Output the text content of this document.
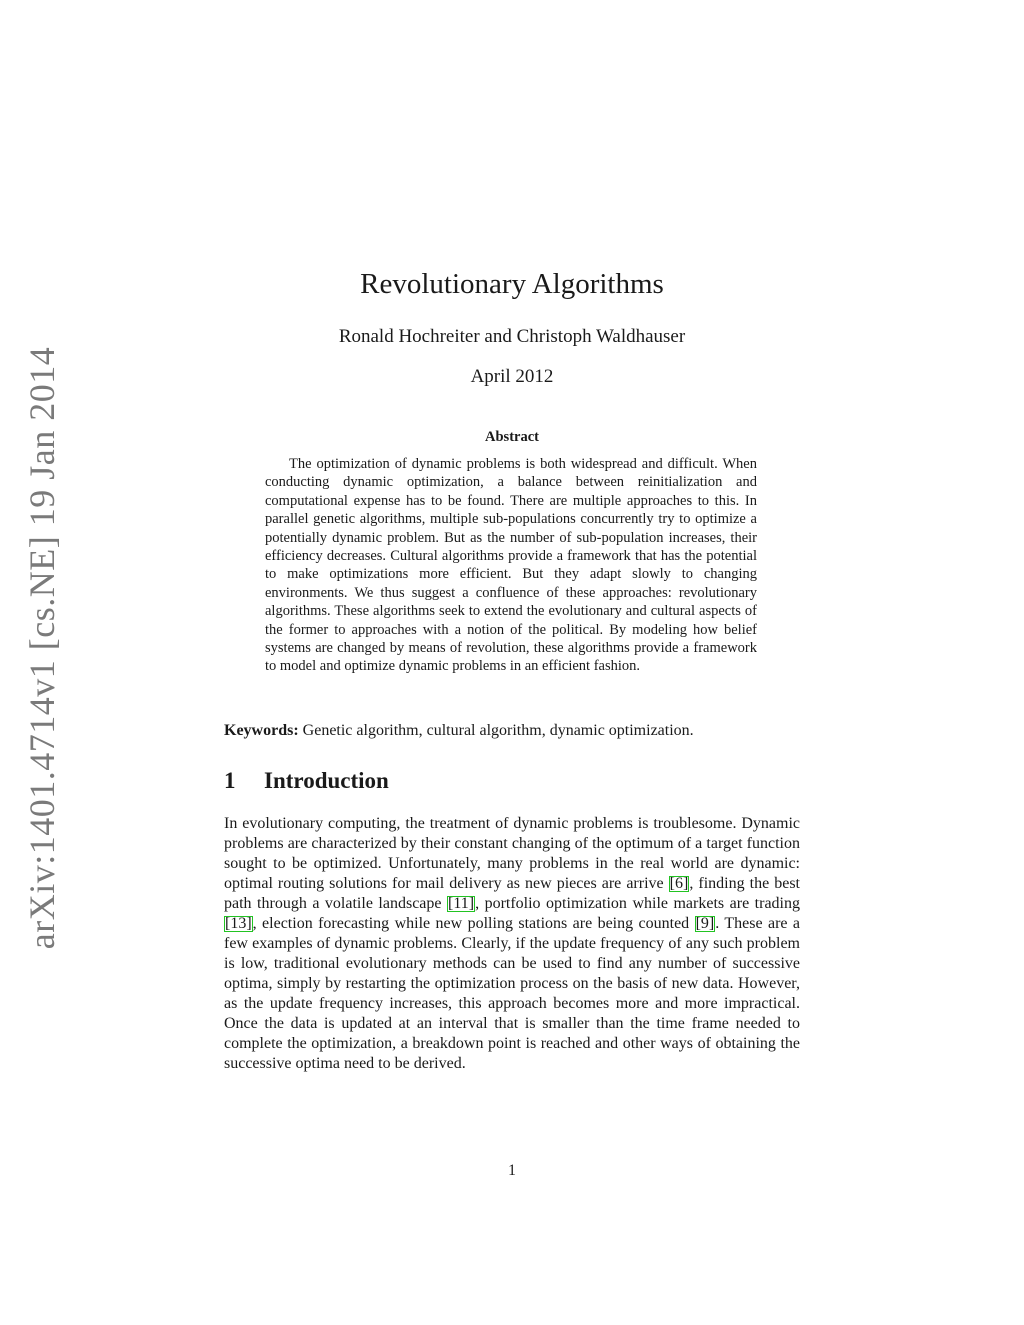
arXiv:1401.4714v1 [cs.NE] 19 Jan 2014
Revolutionary Algorithms
Ronald Hochreiter and Christoph Waldhauser
April 2012
Abstract
The optimization of dynamic problems is both widespread and difficult. When conducting dynamic optimization, a balance between reinitialization and computational expense has to be found. There are multiple approaches to this. In parallel genetic algorithms, multiple sub-populations concurrently try to optimize a potentially dynamic problem. But as the number of sub-population increases, their efficiency decreases. Cultural algorithms provide a framework that has the potential to make optimizations more efficient. But they adapt slowly to changing environments. We thus suggest a confluence of these approaches: revolutionary algorithms. These algorithms seek to extend the evolutionary and cultural aspects of the former to approaches with a notion of the political. By modeling how belief systems are changed by means of revolution, these algorithms provide a framework to model and optimize dynamic problems in an efficient fashion.
Keywords: Genetic algorithm, cultural algorithm, dynamic optimization.
1 Introduction
In evolutionary computing, the treatment of dynamic problems is troublesome. Dynamic problems are characterized by their constant changing of the optimum of a target function sought to be optimized. Unfortunately, many problems in the real world are dynamic: optimal routing solutions for mail delivery as new pieces are arrive [6], finding the best path through a volatile landscape [11], portfolio optimization while markets are trading [13], election forecasting while new polling stations are being counted [9]. These are a few examples of dynamic problems. Clearly, if the update frequency of any such problem is low, traditional evolutionary methods can be used to find any number of successive optima, simply by restarting the optimization process on the basis of new data. However, as the update frequency increases, this approach becomes more and more impractical. Once the data is updated at an interval that is smaller than the time frame needed to complete the optimization, a breakdown point is reached and other ways of obtaining the successive optima need to be derived.
1
